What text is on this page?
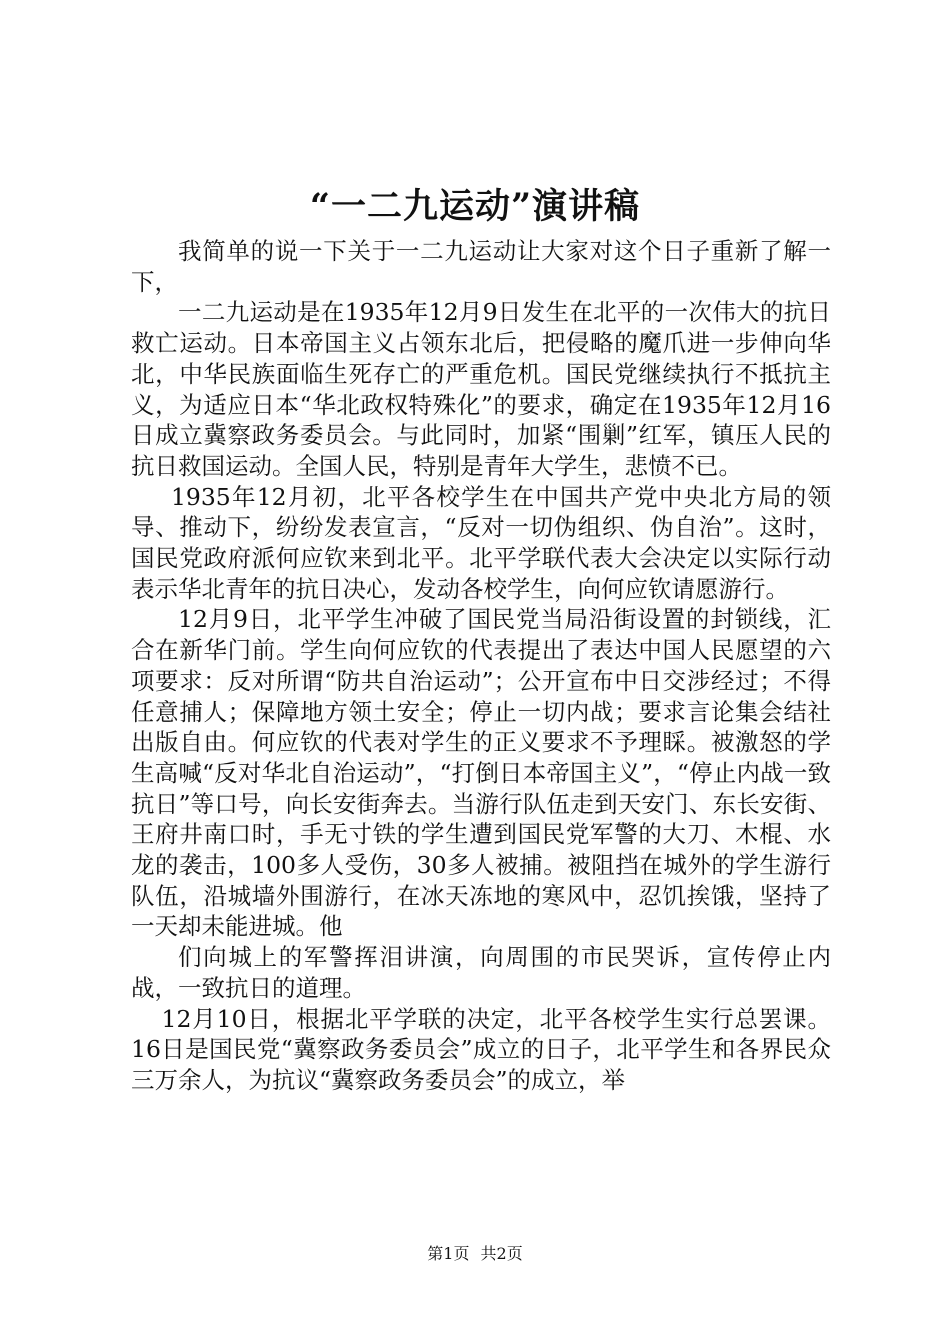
“一二九运动”演讲稿

我简单的说一下关于一二九运动让大家对这个日子重新了解一下，

一二九运动是在1935年12月9日发生在北平的一次伟大的抗日救亡运动。日本帝国主义占领东北后，把侵略的魔爪进一步伸向华北，中华民族面临生死存亡的严重危机。国民党继续执行不抵抗主义，为适应日本“华北政权特殊化”的要求，确定在1935年12月16日成立冀察政务委员会。与此同时，加紧“围剿”红军，镇压人民的抗日救国运动。全国人民，特别是青年大学生，悲愤不已。

1935年12月初，北平各校学生在中国共产党中央北方局的领导、推动下，纷纷发表宣言，“反对一切伪组织、伪自治”。这时，国民党政府派何应钦来到北平。北平学联代表大会决定以实际行动表示华北青年的抗日决心，发动各校学生，向何应钦请愿游行。

12月9日，北平学生冲破了国民党当局沿街设置的封锁线，汇合在新华门前。学生向何应钦的代表提出了表达中国人民愿望的六项要求：反对所谓“防共自治运动”；公开宣布中日交涉经过；不得任意捕人；保障地方领土安全；停止一切内战；要求言论集会结社出版自由。何应钦的代表对学生的正义要求不予理睬。被激怒的学生高喊“反对华北自治运动”，“打倒日本帝国主义”，“停止内战一致抗日”等口号，向长安街奔去。当游行队伍走到天安门、东长安街、王府井南口时，手无寸铁的学生遭到国民党军警的大刀、木棍、水龙的袭击，100多人受伤，30多人被捕。被阻挡在城外的学生游行队伍，沿城墙外围游行，在冰天冻地的寒风中，忍饥挨饿，坚持了一天却未能进城。他

们向城上的军警挥泪讲演，向周围的市民哭诉，宣传停止内战，一致抗日的道理。

12月10日，根据北平学联的决定，北平各校学生实行总罢课。16日是国民党“冀察政务委员会”成立的日子，北平学生和各界民众三万余人，为抗议“冀察政务委员会”的成立，举

第1页 共2页
